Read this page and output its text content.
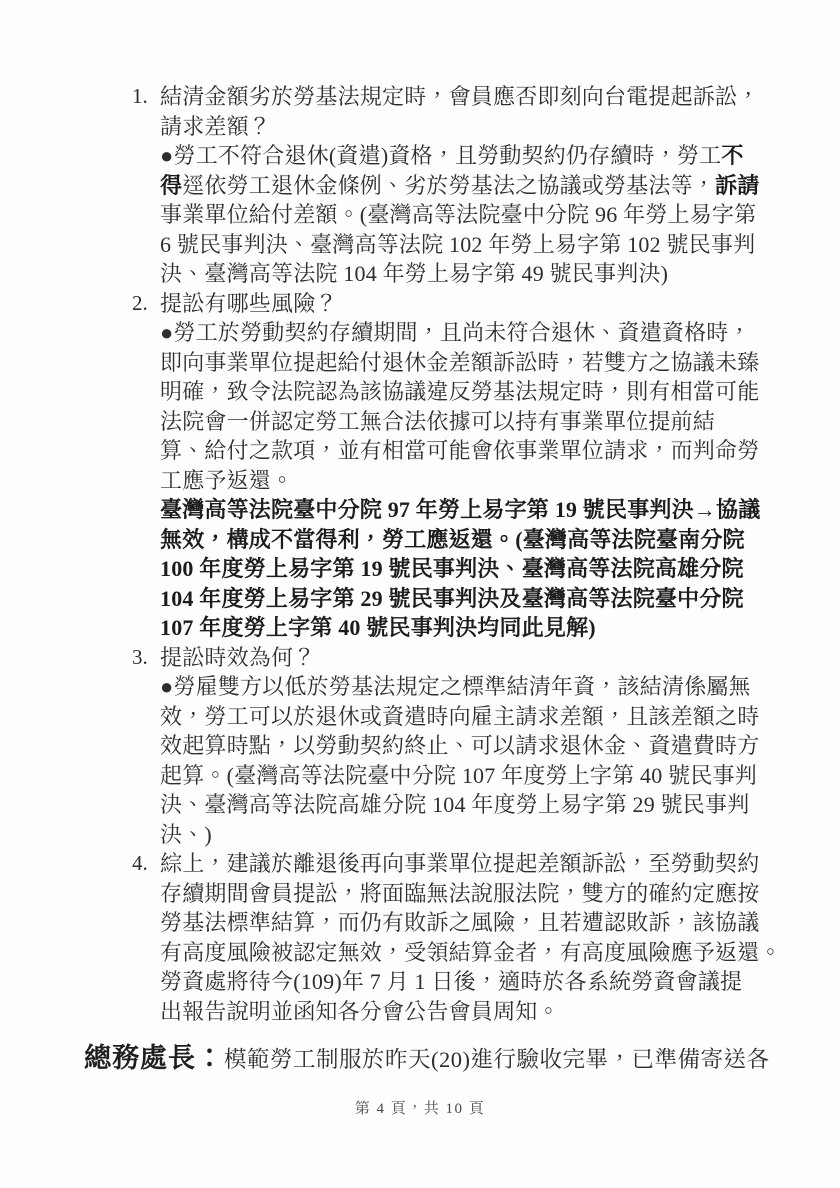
1. 結清金額劣於勞基法規定時，會員應否即刻向台電提起訴訟，
請求差額？
●勞工不符合退休(資遣)資格，且勞動契約仍存續時，勞工不
得逕依勞工退休金條例、劣於勞基法之協議或勞基法等，訴請
事業單位給付差額。(臺灣高等法院臺中分院 96 年勞上易字第
6 號民事判決、臺灣高等法院 102 年勞上易字第 102 號民事判
決、臺灣高等法院 104 年勞上易字第 49 號民事判決)
2. 提訟有哪些風險？
●勞工於勞動契約存續期間，且尚未符合退休、資遣資格時，
即向事業單位提起給付退休金差額訴訟時，若雙方之協議未臻
明確，致令法院認為該協議違反勞基法規定時，則有相當可能
法院會一併認定勞工無合法依據可以持有事業單位提前結
算、給付之款項，並有相當可能會依事業單位請求，而判命勞
工應予返還。
臺灣高等法院臺中分院 97 年勞上易字第 19 號民事判決→協議
無效，構成不當得利，勞工應返還。(臺灣高等法院臺南分院
100 年度勞上易字第 19 號民事判決、臺灣高等法院高雄分院
104 年度勞上易字第 29 號民事判決及臺灣高等法院臺中分院
107 年度勞上字第 40 號民事判決均同此見解)
3. 提訟時效為何？
●勞雇雙方以低於勞基法規定之標準結清年資，該結清係屬無
效，勞工可以於退休或資遣時向雇主請求差額，且該差額之時
效起算時點，以勞動契約終止、可以請求退休金、資遣費時方
起算。(臺灣高等法院臺中分院 107 年度勞上字第 40 號民事判
決、臺灣高等法院高雄分院 104 年度勞上易字第 29 號民事判
決、)
4. 綜上，建議於離退後再向事業單位提起差額訴訟，至勞動契約
存續期間會員提訟，將面臨無法說服法院，雙方的確約定應按
勞基法標準結算，而仍有敗訴之風險，且若遭認敗訴，該協議
有高度風險被認定無效，受領結算金者，有高度風險應予返還。
勞資處將待今(109)年 7 月 1 日後，適時於各系統勞資會議提
出報告說明並函知各分會公告會員周知。
總務處長：模範勞工制服於昨天(20)進行驗收完畢，已準備寄送各
第 4 頁，共 10 頁
